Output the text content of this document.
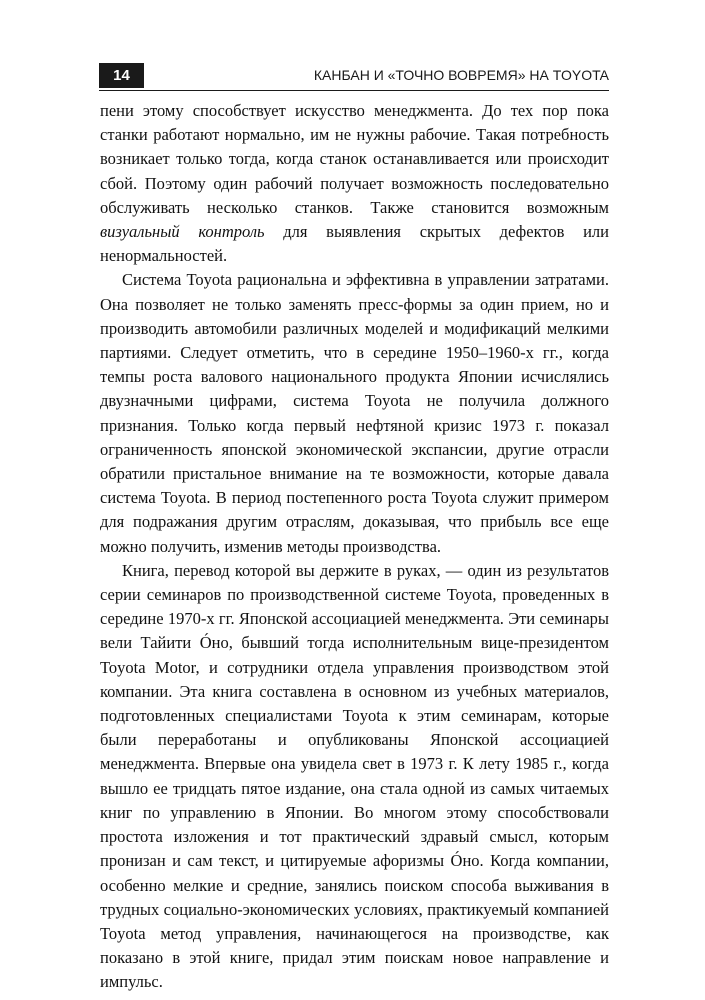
14	КАНБАН И «ТОЧНО ВОВРЕМЯ» НА TOYOTA

пени этому способствует искусство менеджмента. До тех пор пока станки работают нормально, им не нужны рабочие. Такая потребность возникает только тогда, когда станок останавливается или происходит сбой. Поэтому один рабочий получает возможность последовательно обслуживать несколько станков. Также становится возможным визуальный контроль для выявления скрытых дефектов или ненормальностей.

Система Toyota рациональна и эффективна в управлении затратами. Она позволяет не только заменять пресс-формы за один прием, но и производить автомобили различных моделей и модификаций мелкими партиями. Следует отметить, что в середине 1950–1960-х гг., когда темпы роста валового национального продукта Японии исчислялись двузначными цифрами, система Toyota не получила должного признания. Только когда первый нефтяной кризис 1973 г. показал ограниченность японской экономической экспансии, другие отрасли обратили пристальное внимание на те возможности, которые давала система Toyota. В период постепенного роста Toyota служит примером для подражания другим отраслям, доказывая, что прибыль все еще можно получить, изменив методы производства.

Книга, перевод которой вы держите в руках, — один из результатов серии семинаров по производственной системе Toyota, проведенных в середине 1970-х гг. Японской ассоциацией менеджмента. Эти семинары вели Тайити Óно, бывший тогда исполнительным вице-президентом Toyota Motor, и сотрудники отдела управления производством этой компании. Эта книга составлена в основном из учебных материалов, подготовленных специалистами Toyota к этим семинарам, которые были переработаны и опубликованы Японской ассоциацией менеджмента. Впервые она увидела свет в 1973 г. К лету 1985 г., когда вышло ее тридцать пятое издание, она стала одной из самых читаемых книг по управлению в Японии. Во многом этому способствовали простота изложения и тот практический здравый смысл, которым пронизан и сам текст, и цитируемые афоризмы Óно. Когда компании, особенно мелкие и средние, занялись поиском способа выживания в трудных социально-экономических условиях, практикуемый компанией Toyota метод управления, начинающегося на производстве, как показано в этой книге, придал этим поискам новое направление и импульс.
